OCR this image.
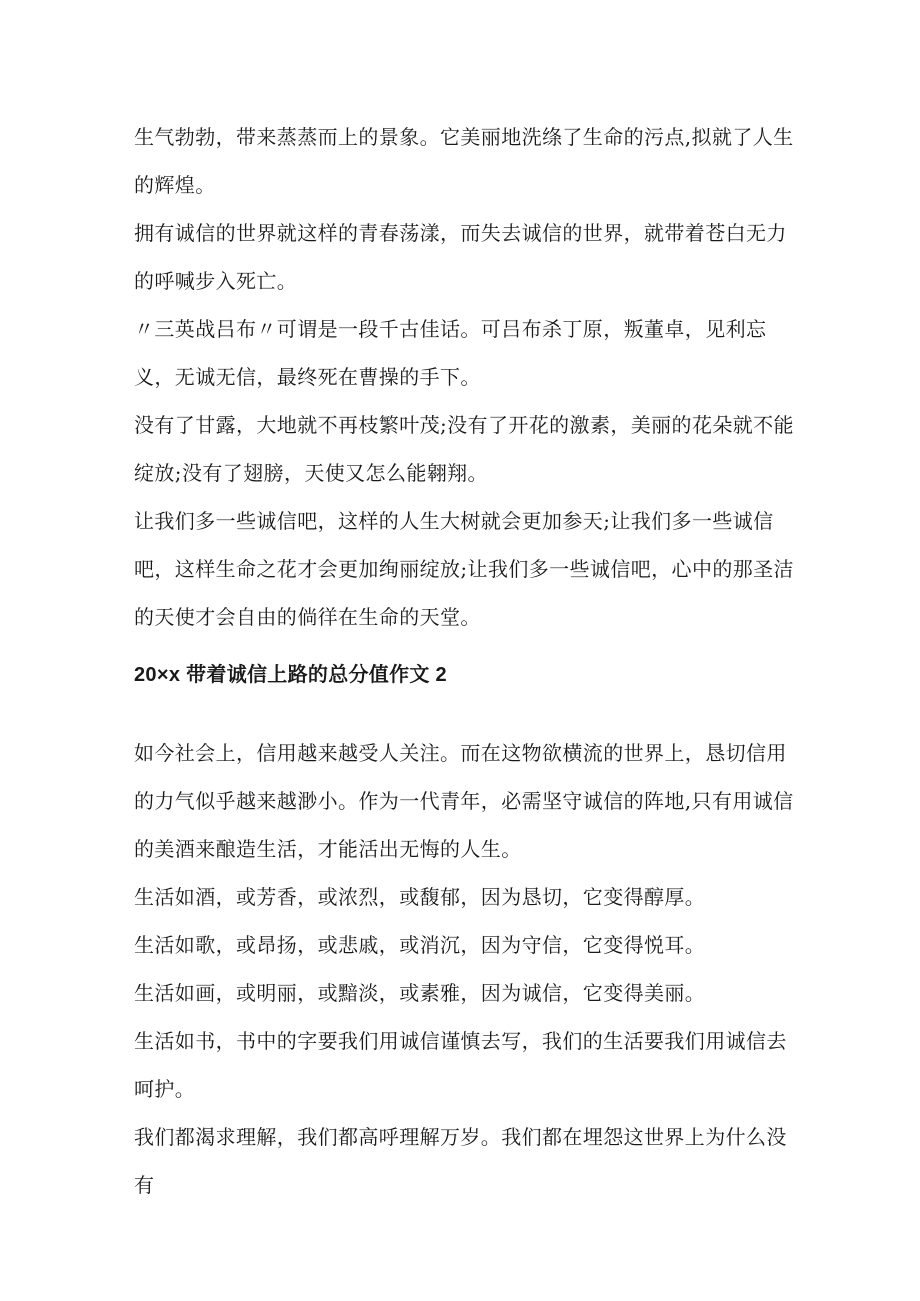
生气勃勃，带来蒸蒸而上的景象。它美丽地洗绦了生命的污点,拟就了人生的辉煌。

拥有诚信的世界就这样的青春荡漾，而失去诚信的世界，就带着苍白无力的呼喊步入死亡。

〃三英战吕布〃可谓是一段千古佳话。可吕布杀丁原，叛董卓，见利忘义，无诚无信，最终死在曹操的手下。

没有了甘露，大地就不再枝繁叶茂;没有了开花的激素，美丽的花朵就不能绽放;没有了翅膀，天使又怎么能翱翔。

让我们多一些诚信吧，这样的人生大树就会更加参天;让我们多一些诚信吧，这样生命之花才会更加绚丽绽放;让我们多一些诚信吧，心中的那圣洁的天使才会自由的倘徉在生命的天堂。

20×x 带着诚信上路的总分值作文 2

如今社会上，信用越来越受人关注。而在这物欲横流的世界上，恳切信用的力气似乎越来越渺小。作为一代青年，必需坚守诚信的阵地,只有用诚信的美酒来酿造生活，才能活出无悔的人生。

生活如酒，或芳香，或浓烈，或馥郁，因为恳切，它变得醇厚。

生活如歌，或昂扬，或悲戚，或消沉，因为守信，它变得悦耳。

生活如画，或明丽，或黯淡，或素雅，因为诚信，它变得美丽。

生活如书，书中的字要我们用诚信谨慎去写，我们的生活要我们用诚信去呵护。

我们都渴求理解，我们都高呼理解万岁。我们都在埋怨这世界上为什么没有
